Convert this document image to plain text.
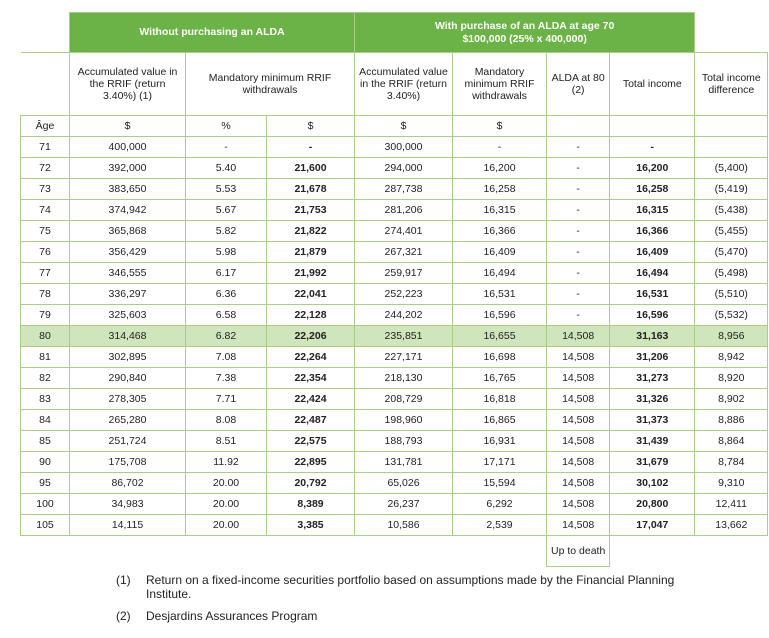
	Without purchasing an ALDA			With purchase of an ALDA at age 70
$100,000 (25% x 400,000)				

	Accumulated value in the RRIF (return 3.40%) (1)	Mandatory minimum RRIF withdrawals		Accumulated value in the RRIF (return 3.40%)	Mandatory minimum RRIF withdrawals	ALDA at 80 (2)	Total income	Total income difference
Âge	$	%	$	$	$			
71	400,000	-	-	300,000	-	-	-	
72	392,000	5.40	21,600	294,000	16,200	-	16,200	(5,400)
73	383,650	5.53	21,678	287,738	16,258	-	16,258	(5,419)
74	374,942	5.67	21,753	281,206	16,315	-	16,315	(5,438)
75	365,868	5.82	21,822	274,401	16,366	-	16,366	(5,455)
76	356,429	5.98	21,879	267,321	16,409	-	16,409	(5,470)
77	346,555	6.17	21,992	259,917	16,494	-	16,494	(5,498)
78	336,297	6.36	22,041	252,223	16,531	-	16,531	(5,510)
79	325,603	6.58	22,128	244,202	16,596	-	16,596	(5,532)
80	314,468	6.82	22,206	235,851	16,655	14,508	31,163	8,956
81	302,895	7.08	22,264	227,171	16,698	14,508	31,206	8,942
82	290,840	7.38	22,354	218,130	16,765	14,508	31,273	8,920
83	278,305	7.71	22,424	208,729	16,818	14,508	31,326	8,902
84	265,280	8.08	22,487	198,960	16,865	14,508	31,373	8,886
85	251,724	8.51	22,575	188,793	16,931	14,508	31,439	8,864
90	175,708	11.92	22,895	131,781	17,171	14,508	31,679	8,784
95	86,702	20.00	20,792	65,026	15,594	14,508	30,102	9,310
100	34,983	20.00	8,389	26,237	6,292	14,508	20,800	12,411
105	14,115	20.00	3,385	10,586	2,539	14,508	17,047	13,662
						Up to death		
(1)	Return on a fixed-income securities portfolio based on assumptions made by the Financial Planning Institute.
(2)	Desjardins Assurances Program
